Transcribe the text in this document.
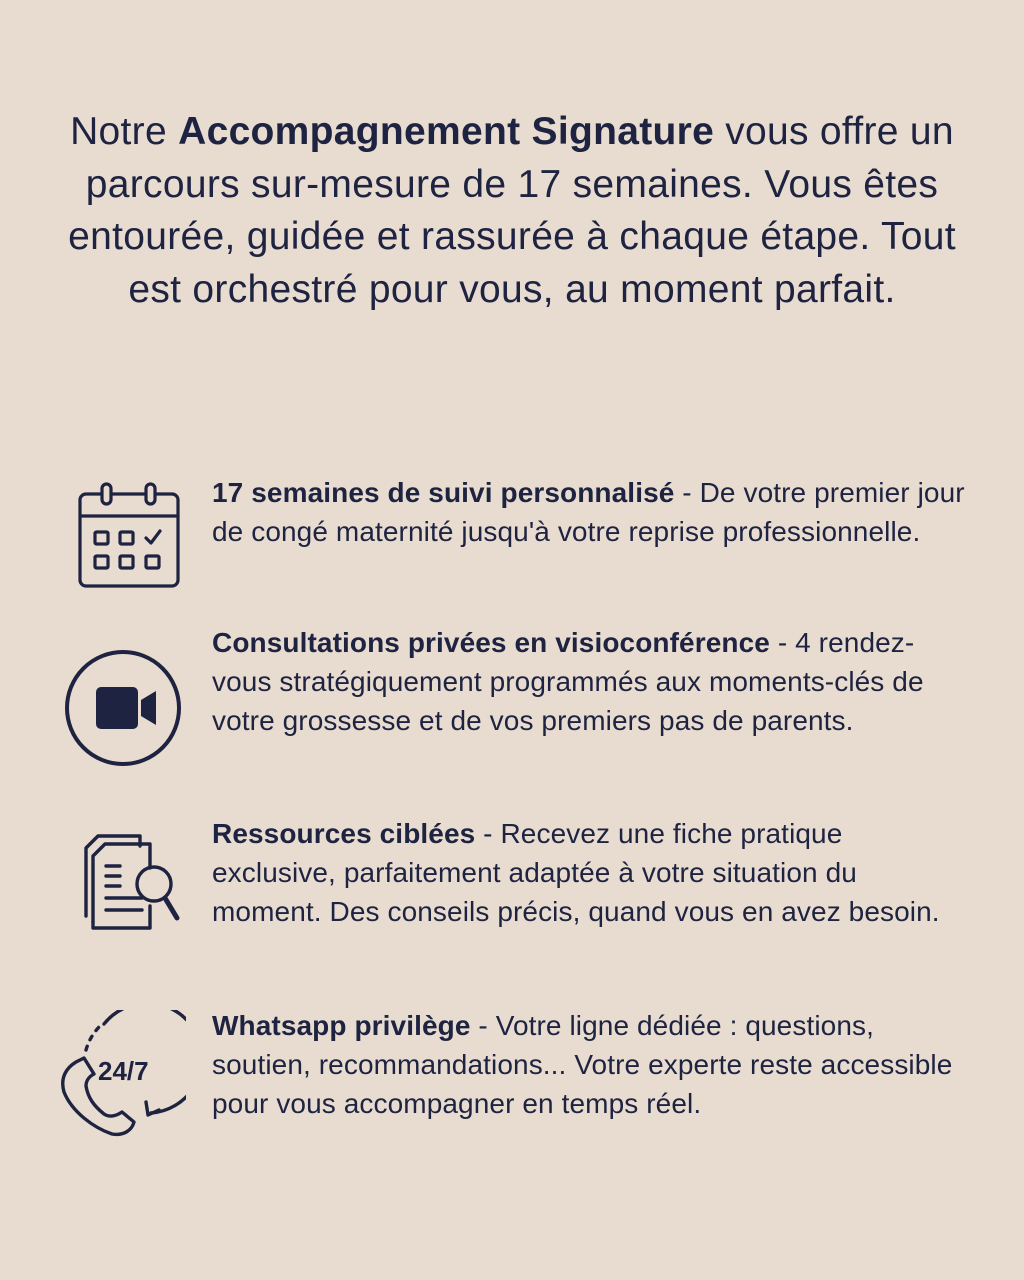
Notre Accompagnement Signature vous offre un parcours sur-mesure de 17 semaines. Vous êtes entourée, guidée et rassurée à chaque étape. Tout est orchestré pour vous, au moment parfait.
17 semaines de suivi personnalisé - De votre premier jour de congé maternité jusqu'à votre reprise professionnelle.
Consultations privées en visioconférence - 4 rendez-vous stratégiquement programmés aux moments-clés de votre grossesse et de vos premiers pas de parents.
Ressources ciblées - Recevez une fiche pratique exclusive, parfaitement adaptée à votre situation du moment. Des conseils précis, quand vous en avez besoin.
24/7
Whatsapp privilège - Votre ligne dédiée : questions, soutien, recommandations... Votre experte reste accessible pour vous accompagner en temps réel.
